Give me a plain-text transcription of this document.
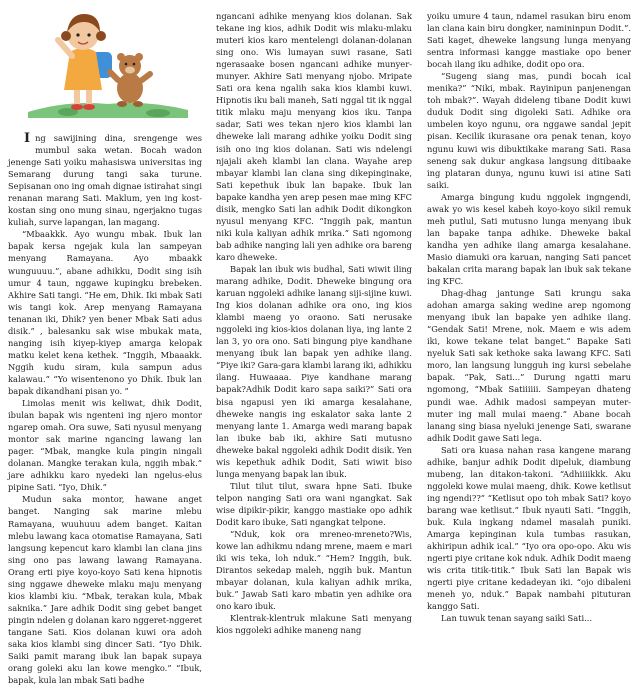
Ing sawijining dina, srengenge wes mumbul saka wetan. Bocah wadon jenenge Sati yoiku mahasiswa universitas ing Semarang durung tangi saka turune. Sepisanan ono ing omah dignae istirahat singi renanan marang Sati. Maklum, yen ing kost-kostan sing ono mung sinau, ngerjakno tugas kuliah, surve lapangan, lan magang.

“Mbaakkk. Ayo wungu mbak. Ibuk lan bapak kersa ngejak kula lan sampeyan menyang Ramayana. Ayo mbaakk wunguuuu.”, abane adhikku, Dodit sing isih umur 4 taun, nggawe kupingku brebeken. Akhire Sati tangi. “He em, Dhik. Iki mbak Sati wis tangi kok. Arep menyang Ramayana tenanan iki, Dhik? yen bener Mbak Sati adus disik.” , balesanku sak wise mbukak mata, nanging isih kiyep-kiyep amarga kelopak matku kelet kena kethek. “Inggih, Mbaaakk. Nggih kudu siram, kula sampun adus kalawau.” “Yo wisentenono yo Dhik. Ibuk lan bapak dikandhani pisan yo. ”

Limolas menit wis keliwat, dhik Dodit, ibulan bapak wis ngenteni ing njero montor ngarep omah. Ora suwe, Sati nyusul menyang montor sak marine ngancing lawang lan pager. “Mbak, mangke kula pingin ningali dolanan. Mangke terakan kula, nggih mbak.” jare adhikku karo nyedeki lan ngelus-elus pipine Sati. “Iyo, Dhik.”

Mudun saka montor, hawane anget banget. Nanging sak marine mlebu Ramayana, wuuhuuu adem banget. Kaitan mlebu lawang kaca otomatise Ramayana, Sati langsung kepencut karo klambi lan clana jins sing ono pas lawang lawang Ramayana. Orang erti piye koyo-koyo Sati kena hipnotis sing nggawe dheweke mlaku maju menyang kios klambi kiu. “Mbak, terakan kula, Mbak saknika.” Jare adhik Dodit sing gebet banget pingin ndelen g dolanan karo nggeret-nggeret tangane Sati. Kios dolanan kuwi ora adoh saka kios klambi sing dincer Sati. “Iyo Dhik. Saiki pamit marang ibuk lan bapak supaya orang goleki aku lan kowe mengko.” “Ibuk, bapak, kula lan mbak Sati badhe

ngancani adhike menyang kios dolanan. Sak tekane ing kios, adhik Dodit wis mlaku-mlaku muteri kios karo mentelengi dolanan-dolanan sing ono. Wis lumayan suwi rasane, Sati ngerasaake bosen ngancani adhike munyer-munyer. Akhire Sati menyang njobo. Mripate Sati ora kena ngalih saka kios klambi kuwi. Hipnotis iku bali maneh, Sati nggal tit ik nggal titik mlaku maju menyang kios iku. Tanpa sadar, Sati wes tekan njero kios klambi lan dheweke lali marang adhike yoiku Dodit sing isih ono ing kios dolanan. Sati wis ndelengi njajali akeh klambi lan clana. Wayahe arep mbayar klambi lan clana sing dikepinginake, Sati kepethuk ibuk lan bapake. Ibuk lan bapake kandha yen arep pesen mae ming KFC disik, mengko Sati lan adhik Dodit dikongkon nyusul menyang KFC. “Inggih pak, mantun niki kula kaliyan adhik mrika.” Sati ngomong bab adhike nanging lali yen adhike ora bareng karo dheweke.

Bapak lan ibuk wis budhal, Sati wiwit iling marang adhike, Dodit. Dheweke bingung ora karuan nggoleki adhike lanang siji-sijine kuwi. Ing kios dolanan adhike ora ono, ing kios klambi maeng yo oraono. Sati nerusake nggoleki ing kios-kios dolanan liya, ing lante 2 lan 3, yo ora ono. Sati bingung piye kandhane menyang ibuk lan bapak yen adhike ilang. “Piye iki? Gara-gara klambi larang iki, adhikku ilang. Huwaaaa. Piye kandhane marang bapak?Adhik Dodit karo sapa saiki?” Sati ora bisa ngapusi yen iki amarga kesalahane, dheweke nangis ing eskalator saka lante 2 menyang lante 1. Amarga wedi marang bapak lan ibuke bab iki, akhire Sati mutusno dheweke bakal nggoleki adhik Dodit disik. Yen wis kepethuk adhik Dodit, Sati wiwit biso lunga menyang bapak lan ibuk.

Tilut tilut tilut, swara hpne Sati. Ibuke telpon nanging Sati ora wani ngangkat. Sak wise dipikir-pikir, kanggo mastiake opo adhik Dodit karo ibuke, Sati ngangkat telpone.

“Nduk, kok ora mreneo-mreneto?Wis, kowe lan adhikmu ndang mrene, maem e mari iki wis teka, loh nduk.” “Hem? Inggih, buk. Dirantos sekedap maleh, nggih buk. Mantun mbayar dolanan, kula kaliyan adhik mrika, buk.” Jawab Sati karo mbatin yen adhike ora ono karo ibuk.

Klentrak-klentruk mlakune Sati menyang kios nggoleki adhike maneng nang

yoiku umure 4 taun, ndamel rasukan biru enom lan clana kain biru dongker, namininpun Dodit.”. Sati kaget, dheweke langsung lunga menyang sentra informasi kangge mastiake opo bener bocah ilang iku adhike, dodit opo ora.

“Sugeng siang mas, pundi bocah ical menika?” “Niki, mbak. Rayinipun panjenengan toh mbak?”. Wayah dideleng tibane Dodit kuwi duduk Dodit sing digoleki Sati. Adhike ora umbelen koyo ngunu, ora nggawe sandal jepit pisan. Kecilik ikurasane ora penak tenan, koyo ngunu kuwi wis dibuktikake marang Sati. Rasa seneng sak dukur angkasa langsung ditibaake ing plataran dunya, ngunu kuwi isi atine Sati saiki.

Amarga bingung kudu nggolek ingngendi, awak yo wis kesel kabeh koyo-koyo sikil remuk meh putlul, Sati mutusno lunga menyang ibuk lan bapake tanpa adhike. Dheweke bakal kandha yen adhike ilang amarga kesalahane. Masio diamuki ora karuan, nanging Sati pancet bakalan crita marang bapak lan ibuk sak tekane ing KFC.

Dhag-dhag jantunge Sati krungu saka adohan amarga saking wedine arep ngomong menyang ibuk lan bapake yen adhike ilang. “Gendak Sati! Mrene, nok. Maem e wis adem iki, kowe tekane telat banget.” Bapake Sati nyeluk Sati sak kethoke saka lawang KFC. Sati moro, lan langsung lungguh ing kursi sebelahe bapak. “Pak, Sati...” Durung ngatti maru ngomong, “Mbak Satiiiiii. Sampeyan dhateng pundi wae. Adhik madosi sampeyan muter-muter ing mall mulai maeng.” Abane bocah lanang sing biasa nyeluki jenenge Sati, swarane adhik Dodit gawe Sati lega.

Sati ora kuasa nahan rasa kangene marang adhike, banjur adhik Dodit dipeluk, diambung mubeng, lan ditakon-takoni. “Adhiiiikkk. Aku nggoleki kowe mulai maeng, dhik. Kowe ketlisut ing ngendi??” “Ketlisut opo toh mbak Sati? koyo barang wae ketlisut.” Ibuk nyauti Sati. “Inggih, buk. Kula ingkang ndamel masalah puniki. Amarga kepinginan kula tumbas rasukan, akhiripun adhik ical.” “Iyo ora opo-opo. Aku wis ngerti piye critane kok nduk. Adhik Dodit maeng wis crita titik-titik.” Ibuk Sati lan Bapak wis ngerti piye critane kedadeyan iki. “ojo dibaleni meneh yo, nduk.” Bapak nambahi pituturan kanggo Sati.

Lan tuwuk tenan sayang saiki Sati...
